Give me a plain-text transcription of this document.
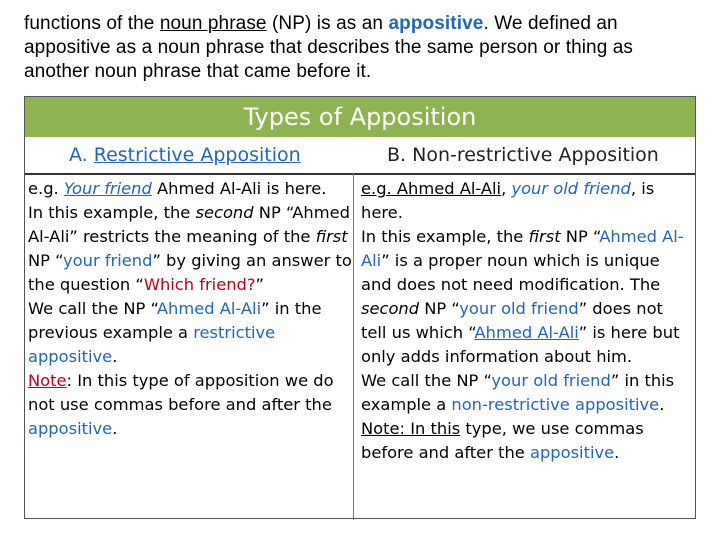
functions of the noun phrase (NP) is as an appositive. We defined an appositive as a noun phrase that describes the same person or thing as another noun phrase that came before it.
Types of Apposition
A. Restrictive Apposition	B. Non-restrictive Apposition
e.g. Your friend Ahmed Al-Ali is here.
In this example, the second NP “Ahmed Al-Ali” restricts the meaning of the first NP “your friend” by giving an answer to the question “Which friend?”
We call the NP “Ahmed Al-Ali” in the previous example a restrictive appositive.
Note: In this type of apposition we do not use commas before and after the appositive.
e.g. Ahmed Al-Ali, your old friend, is here.
In this example, the first NP “Ahmed Al-Ali” is a proper noun which is unique and does not need modification. The second NP “your old friend” does not tell us which “Ahmed Al-Ali” is here but only adds information about him.
We call the NP “your old friend” in this example a non-restrictive appositive.
Note: In this type, we use commas before and after the appositive.
